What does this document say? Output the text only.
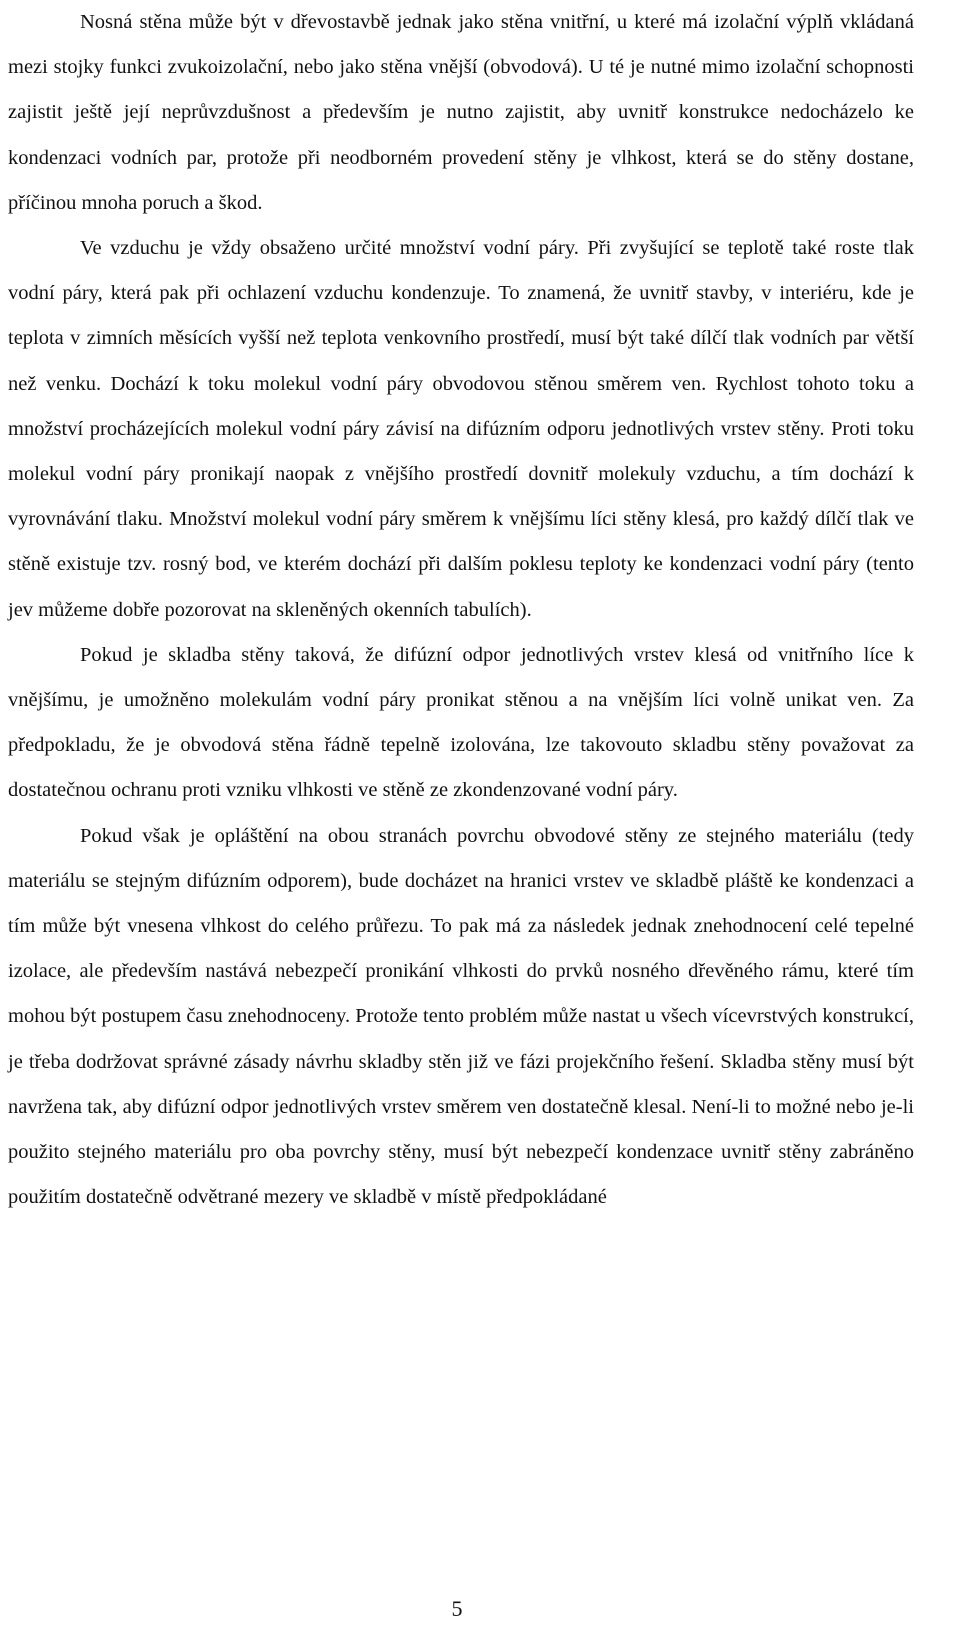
Nosná stěna může být v dřevostavbě jednak jako stěna vnitřní, u které má izolační výplň vkládaná mezi stojky funkci zvukoizolační, nebo jako stěna vnější (obvodová). U té je nutné mimo izolační schopnosti zajistit ještě její neprůvzdušnost a především je nutno zajistit, aby uvnitř konstrukce nedocházelo ke kondenzaci vodních par, protože při neodborném provedení stěny je vlhkost, která se do stěny dostane, příčinou mnoha poruch a škod.

Ve vzduchu je vždy obsaženo určité množství vodní páry. Při zvyšující se teplotě také roste tlak vodní páry, která pak při ochlazení vzduchu kondenzuje. To znamená, že uvnitř stavby, v interiéru, kde je teplota v zimních měsících vyšší než teplota venkovního prostředí, musí být také dílčí tlak vodních par větší než venku. Dochází k toku molekul vodní páry obvodovou stěnou směrem ven. Rychlost tohoto toku a množství procházejících molekul vodní páry závisí na difúzním odporu jednotlivých vrstev stěny. Proti toku molekul vodní páry pronikají naopak z vnějšího prostředí dovnitř molekuly vzduchu, a tím dochází k vyrovnávání tlaku. Množství molekul vodní páry směrem k vnějšímu líci stěny klesá, pro každý dílčí tlak ve stěně existuje tzv. rosný bod, ve kterém dochází při dalším poklesu teploty ke kondenzaci vodní páry (tento jev můžeme dobře pozorovat na skleněných okenních tabulích).

Pokud je skladba stěny taková, že difúzní odpor jednotlivých vrstev klesá od vnitřního líce k vnějšímu, je umožněno molekulám vodní páry pronikat stěnou a na vnějším líci volně unikat ven. Za předpokladu, že je obvodová stěna řádně tepelně izolována, lze takovouto skladbu stěny považovat za dostatečnou ochranu proti vzniku vlhkosti ve stěně ze zkondenzované vodní páry.

Pokud však je opláštění na obou stranách povrchu obvodové stěny ze stejného materiálu (tedy materiálu se stejným difúzním odporem), bude docházet na hranici vrstev ve skladbě pláště ke kondenzaci a tím může být vnesena vlhkost do celého průřezu. To pak má za následek jednak znehodnocení celé tepelné izolace, ale především nastává nebezpečí pronikání vlhkosti do prvků nosného dřevěného rámu, které tím mohou být postupem času znehodnoceny. Protože tento problém může nastat u všech vícevrstvých konstrukcí, je třeba dodržovat správné zásady návrhu skladby stěn již ve fázi projekčního řešení. Skladba stěny musí být navržena tak, aby difúzní odpor jednotlivých vrstev směrem ven dostatečně klesal. Není-li to možné nebo je-li použito stejného materiálu pro oba povrchy stěny, musí být nebezpečí kondenzace uvnitř stěny zabráněno použitím dostatečně odvětrané mezery ve skladbě v místě předpokládané

5
